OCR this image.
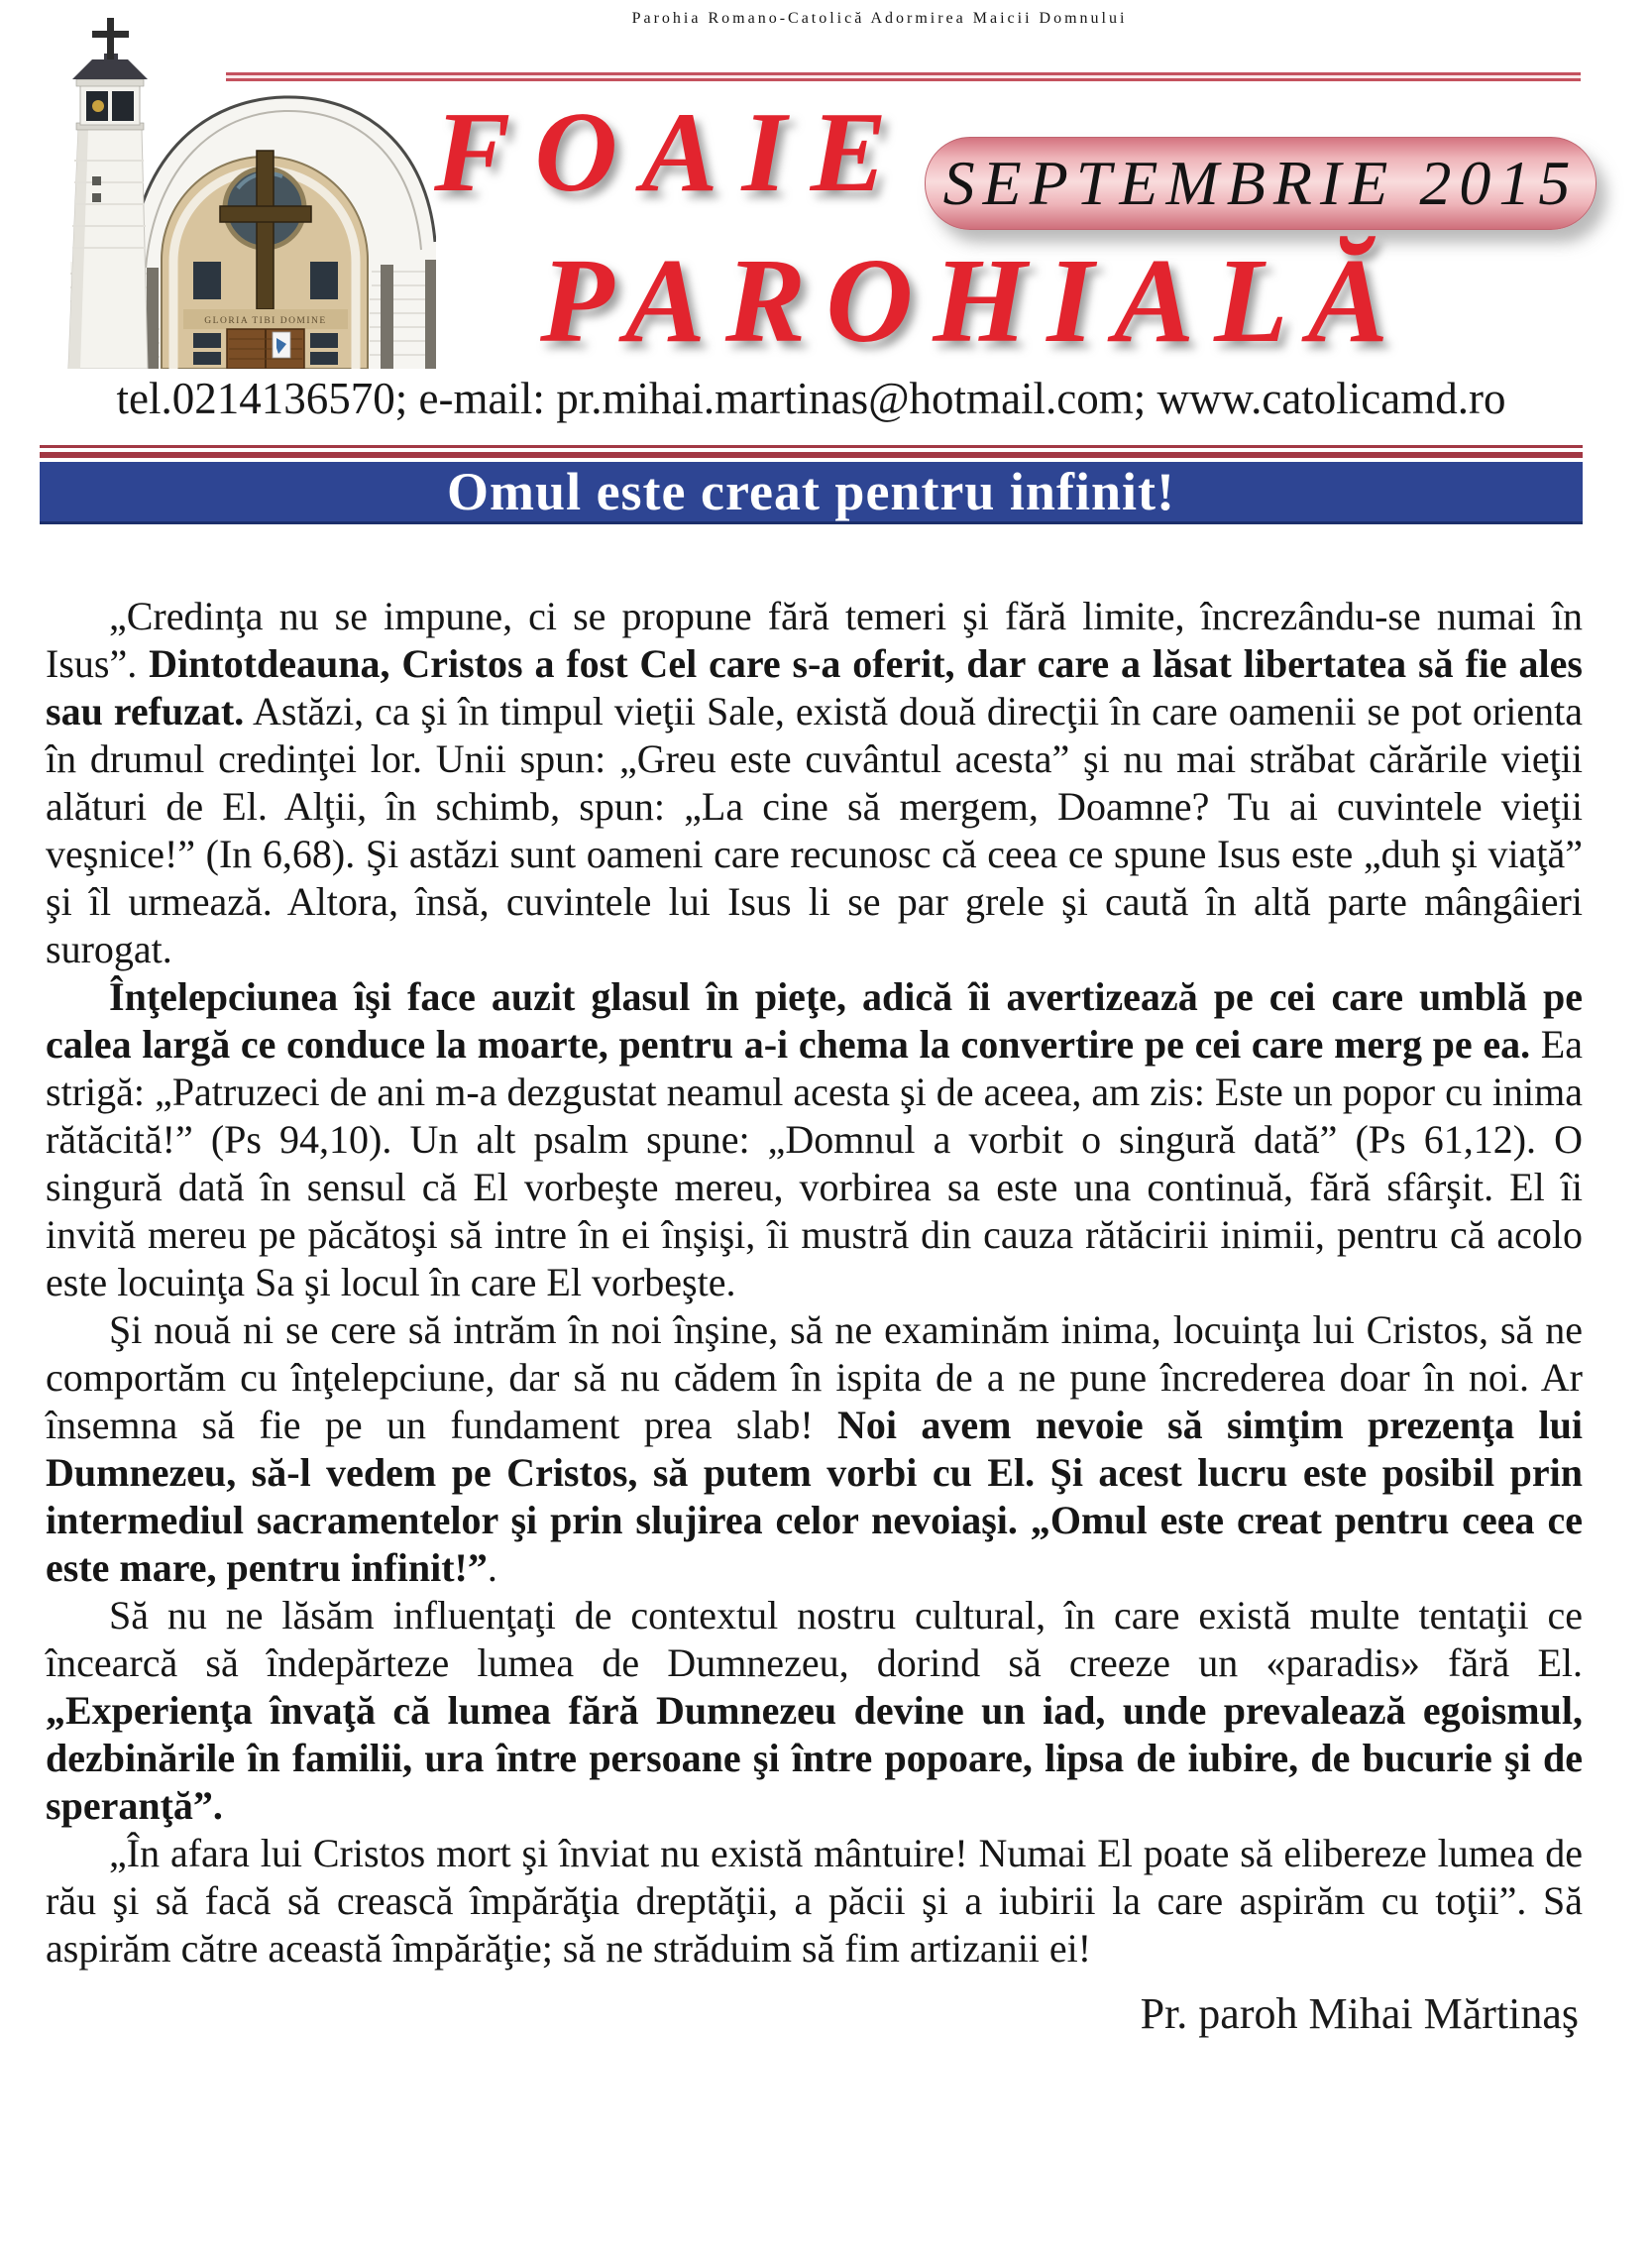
GLORIA TIBI DOMINE
Parohia Romano-Catolică Adormirea Maicii Domnului
FOAIE SEPTEMBRIE 2015
PAROHIALĂ
tel.0214136570; e-mail: pr.mihai.martinas@hotmail.com; www.catolicamd.ro
Omul este creat pentru infinit!

„Credinţa nu se impune, ci se propune fără temeri şi fără limite, încrezându-se numai în Isus”. Dintotdeauna, Cristos a fost Cel care s-a oferit, dar care a lăsat libertatea să fie ales sau refuzat. Astăzi, ca şi în timpul vieţii Sale, există două direcţii în care oamenii se pot orienta în drumul credinţei lor. Unii spun: „Greu este cuvântul acesta” şi nu mai străbat cărările vieţii alături de El. Alţii, în schimb, spun: „La cine să mergem, Doamne? Tu ai cuvintele vieţii veşnice!” (In 6,68). Şi astăzi sunt oameni care recunosc că ceea ce spune Isus este „duh şi viaţă” şi îl urmează. Altora, însă, cuvintele lui Isus li se par grele şi caută în altă parte mângâieri surogat.

Înţelepciunea îşi face auzit glasul în pieţe, adică îi avertizează pe cei care umblă pe calea largă ce conduce la moarte, pentru a-i chema la convertire pe cei care merg pe ea. Ea strigă: „Patruzeci de ani m-a dezgustat neamul acesta şi de aceea, am zis: Este un popor cu inima rătăcită!” (Ps 94,10). Un alt psalm spune: „Domnul a vorbit o singură dată” (Ps 61,12). O singură dată în sensul că El vorbeşte mereu, vorbirea sa este una continuă, fără sfârşit. El îi invită mereu pe păcătoşi să intre în ei înşişi, îi mustră din cauza rătăcirii inimii, pentru că acolo este locuinţa Sa şi locul în care El vorbeşte.

Şi nouă ni se cere să intrăm în noi înşine, să ne examinăm inima, locuinţa lui Cristos, să ne comportăm cu înţelepciune, dar să nu cădem în ispita de a ne pune încrederea doar în noi. Ar însemna să fie pe un fundament prea slab! Noi avem nevoie să simţim prezenţa lui Dumnezeu, să-l vedem pe Cristos, să putem vorbi cu El. Şi acest lucru este posibil prin intermediul sacramentelor şi prin slujirea celor nevoiaşi. „Omul este creat pentru ceea ce este mare, pentru infinit!”.

Să nu ne lăsăm influenţaţi de contextul nostru cultural, în care există multe tentaţii ce încearcă să îndepărteze lumea de Dumnezeu, dorind să creeze un «paradis» fără El. „Experienţa învaţă că lumea fără Dumnezeu devine un iad, unde prevalează egoismul, dezbinările în familii, ura între persoane şi între popoare, lipsa de iubire, de bucurie şi de speranţă”.

„În afara lui Cristos mort şi înviat nu există mântuire! Numai El poate să elibereze lumea de rău şi să facă să crească împărăţia dreptăţii, a păcii şi a iubirii la care aspirăm cu toţii”. Să aspirăm către această împărăţie; să ne străduim să fim artizanii ei!

Pr. paroh Mihai Mărtinaş
